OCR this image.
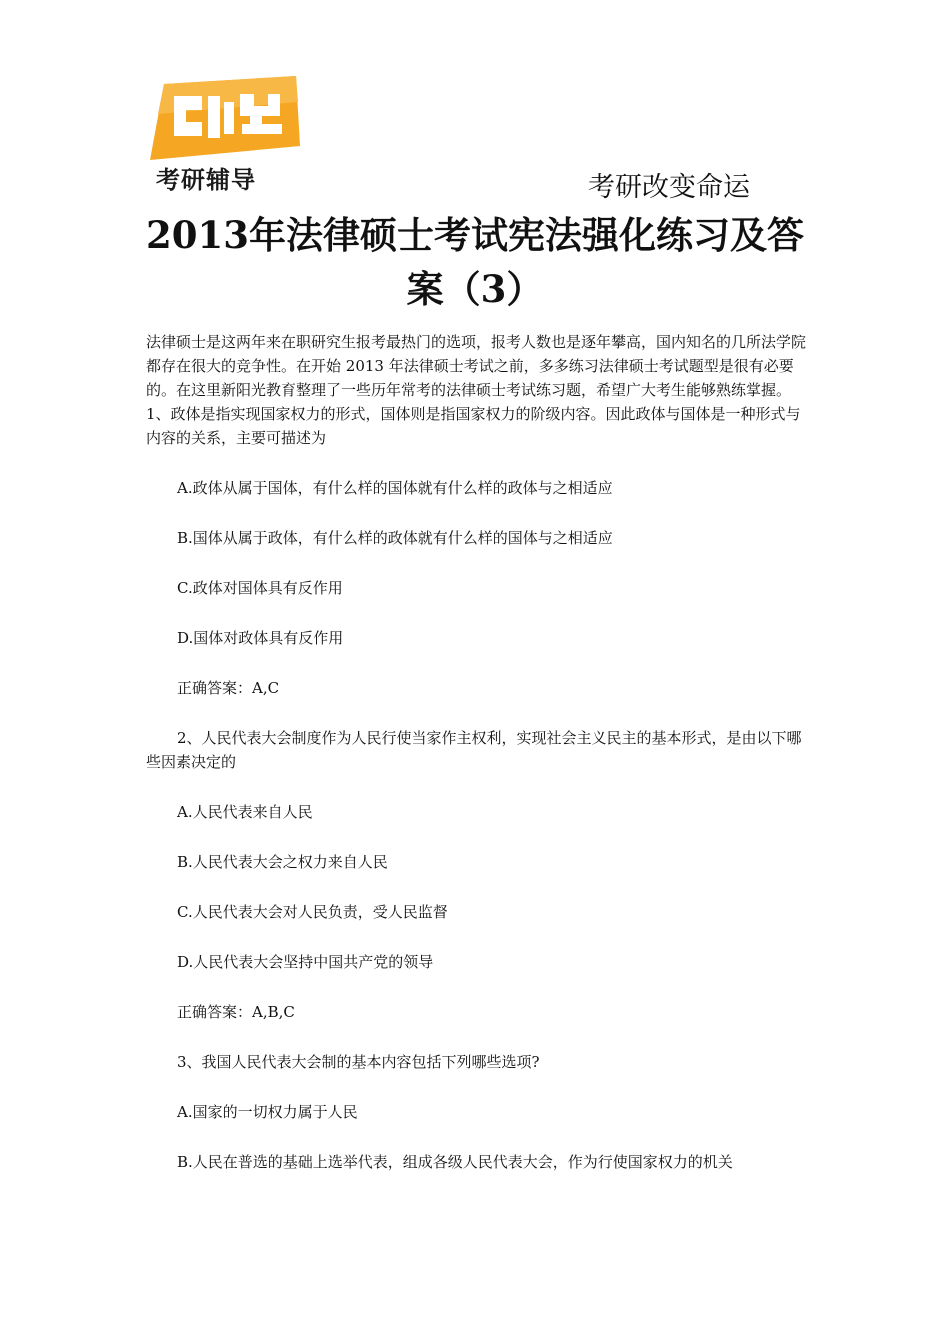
考研辅导	考研改变命运
2013年法律硕士考试宪法强化练习及答
案（3）

法律硕士是这两年来在职研究生报考最热门的选项，报考人数也是逐年攀高，国内知名的几所法学院都存在很大的竞争性。在开始 2013 年法律硕士考试之前，多多练习法律硕士考试题型是很有必要的。在这里新阳光教育整理了一些历年常考的法律硕士考试练习题，希望广大考生能够熟练掌握。

1、政体是指实现国家权力的形式，国体则是指国家权力的阶级内容。因此政体与国体是一种形式与内容的关系，主要可描述为

A.政体从属于国体，有什么样的国体就有什么样的政体与之相适应

B.国体从属于政体，有什么样的政体就有什么样的国体与之相适应

C.政体对国体具有反作用

D.国体对政体具有反作用

正确答案：A,C

2、人民代表大会制度作为人民行使当家作主权利，实现社会主义民主的基本形式，是由以下哪些因素决定的

A.人民代表来自人民

B.人民代表大会之权力来自人民

C.人民代表大会对人民负责，受人民监督

D.人民代表大会坚持中国共产党的领导

正确答案：A,B,C

3、我国人民代表大会制的基本内容包括下列哪些选项?

A.国家的一切权力属于人民

B.人民在普选的基础上选举代表，组成各级人民代表大会，作为行使国家权力的机关
